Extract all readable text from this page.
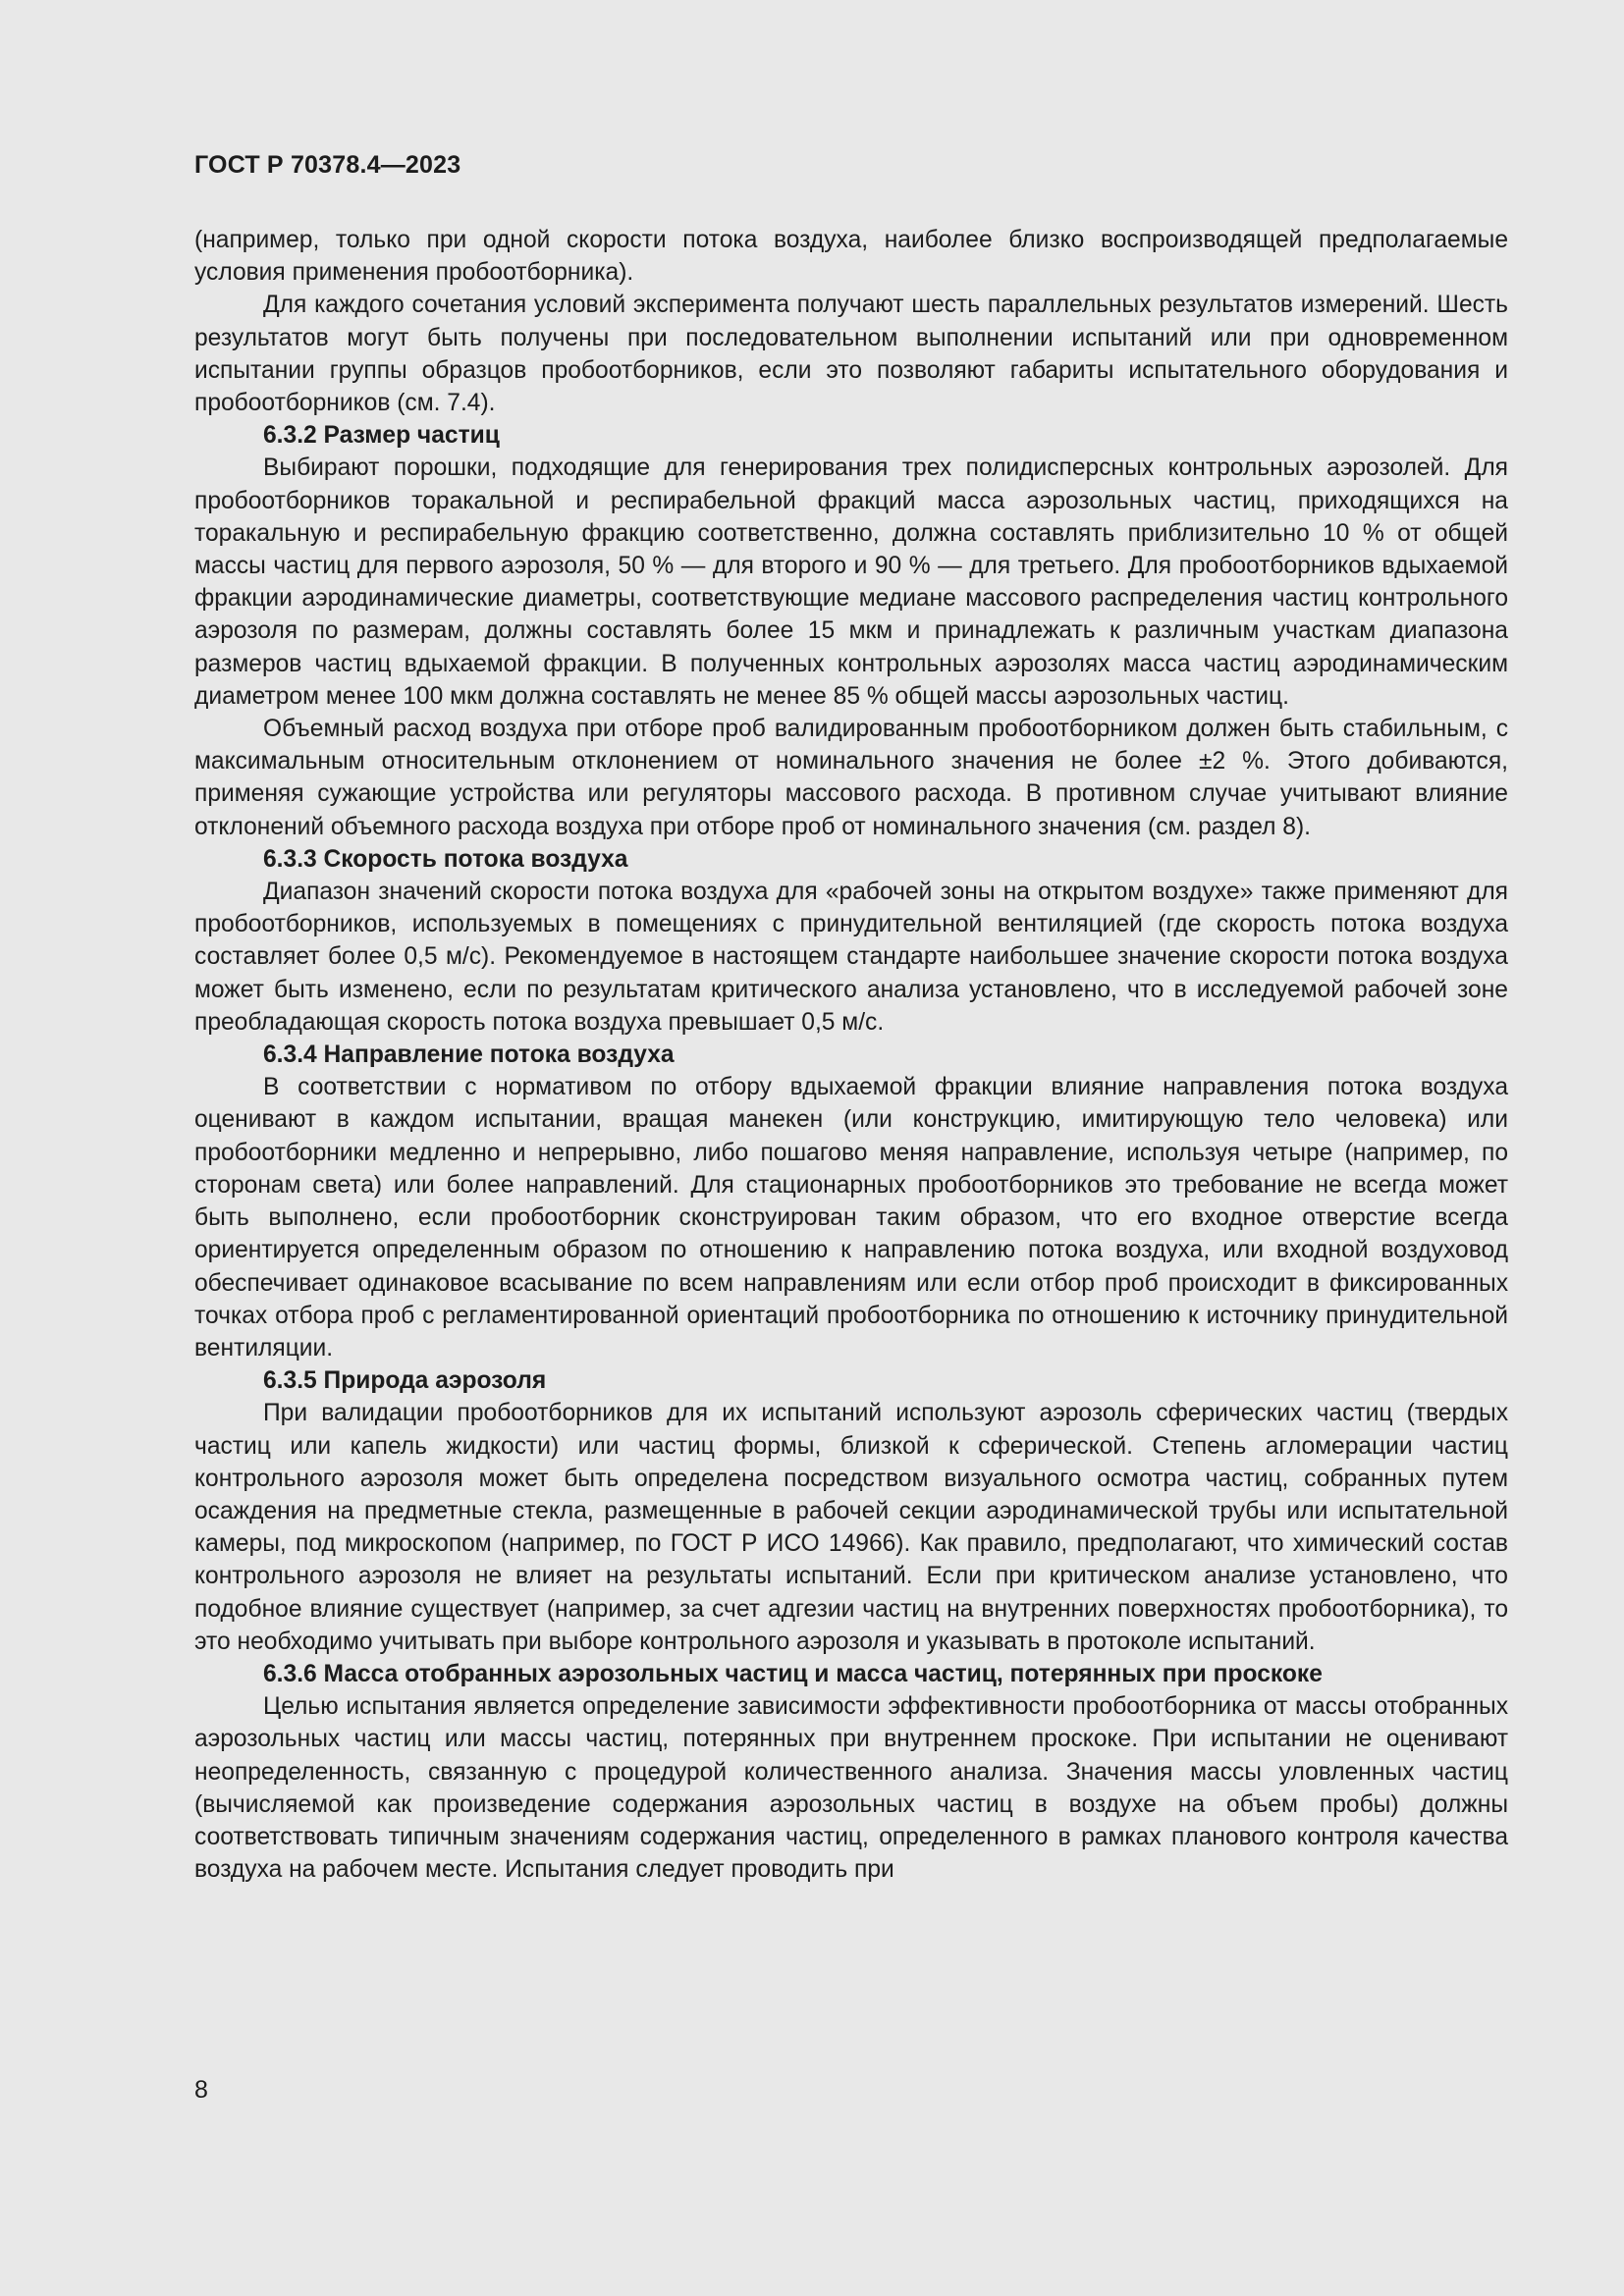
ГОСТ Р 70378.4—2023

(например, только при одной скорости потока воздуха, наиболее близко воспроизводящей предполагаемые условия применения пробоотборника).

Для каждого сочетания условий эксперимента получают шесть параллельных результатов измерений. Шесть результатов могут быть получены при последовательном выполнении испытаний или при одновременном испытании группы образцов пробоотборников, если это позволяют габариты испытательного оборудования и пробоотборников (см. 7.4).

6.3.2 Размер частиц

Выбирают порошки, подходящие для генерирования трех полидисперсных контрольных аэрозолей. Для пробоотборников торакальной и респирабельной фракций масса аэрозольных частиц, приходящихся на торакальную и респирабельную фракцию соответственно, должна составлять приблизительно 10 % от общей массы частиц для первого аэрозоля, 50 % — для второго и 90 % — для третьего. Для пробоотборников вдыхаемой фракции аэродинамические диаметры, соответствующие медиане массового распределения частиц контрольного аэрозоля по размерам, должны составлять более 15 мкм и принадлежать к различным участкам диапазона размеров частиц вдыхаемой фракции. В полученных контрольных аэрозолях масса частиц аэродинамическим диаметром менее 100 мкм должна составлять не менее 85 % общей массы аэрозольных частиц.

Объемный расход воздуха при отборе проб валидированным пробоотборником должен быть стабильным, с максимальным относительным отклонением от номинального значения не более ±2 %. Этого добиваются, применяя сужающие устройства или регуляторы массового расхода. В противном случае учитывают влияние отклонений объемного расхода воздуха при отборе проб от номинального значения (см. раздел 8).

6.3.3 Скорость потока воздуха

Диапазон значений скорости потока воздуха для «рабочей зоны на открытом воздухе» также применяют для пробоотборников, используемых в помещениях с принудительной вентиляцией (где скорость потока воздуха составляет более 0,5 м/с). Рекомендуемое в настоящем стандарте наибольшее значение скорости потока воздуха может быть изменено, если по результатам критического анализа установлено, что в исследуемой рабочей зоне преобладающая скорость потока воздуха превышает 0,5 м/с.

6.3.4 Направление потока воздуха

В соответствии с нормативом по отбору вдыхаемой фракции влияние направления потока воздуха оценивают в каждом испытании, вращая манекен (или конструкцию, имитирующую тело человека) или пробоотборники медленно и непрерывно, либо пошагово меняя направление, используя четыре (например, по сторонам света) или более направлений. Для стационарных пробоотборников это требование не всегда может быть выполнено, если пробоотборник сконструирован таким образом, что его входное отверстие всегда ориентируется определенным образом по отношению к направлению потока воздуха, или входной воздуховод обеспечивает одинаковое всасывание по всем направлениям или если отбор проб происходит в фиксированных точках отбора проб с регламентированной ориентаций пробоотборника по отношению к источнику принудительной вентиляции.

6.3.5 Природа аэрозоля

При валидации пробоотборников для их испытаний используют аэрозоль сферических частиц (твердых частиц или капель жидкости) или частиц формы, близкой к сферической. Степень агломерации частиц контрольного аэрозоля может быть определена посредством визуального осмотра частиц, собранных путем осаждения на предметные стекла, размещенные в рабочей секции аэродинамической трубы или испытательной камеры, под микроскопом (например, по ГОСТ Р ИСО 14966). Как правило, предполагают, что химический состав контрольного аэрозоля не влияет на результаты испытаний. Если при критическом анализе установлено, что подобное влияние существует (например, за счет адгезии частиц на внутренних поверхностях пробоотборника), то это необходимо учитывать при выборе контрольного аэрозоля и указывать в протоколе испытаний.

6.3.6 Масса отобранных аэрозольных частиц и масса частиц, потерянных при проскоке

Целью испытания является определение зависимости эффективности пробоотборника от массы отобранных аэрозольных частиц или массы частиц, потерянных при внутреннем проскоке. При испытании не оценивают неопределенность, связанную с процедурой количественного анализа. Значения массы уловленных частиц (вычисляемой как произведение содержания аэрозольных частиц в воздухе на объем пробы) должны соответствовать типичным значениям содержания частиц, определенного в рамках планового контроля качества воздуха на рабочем месте. Испытания следует проводить при

8
